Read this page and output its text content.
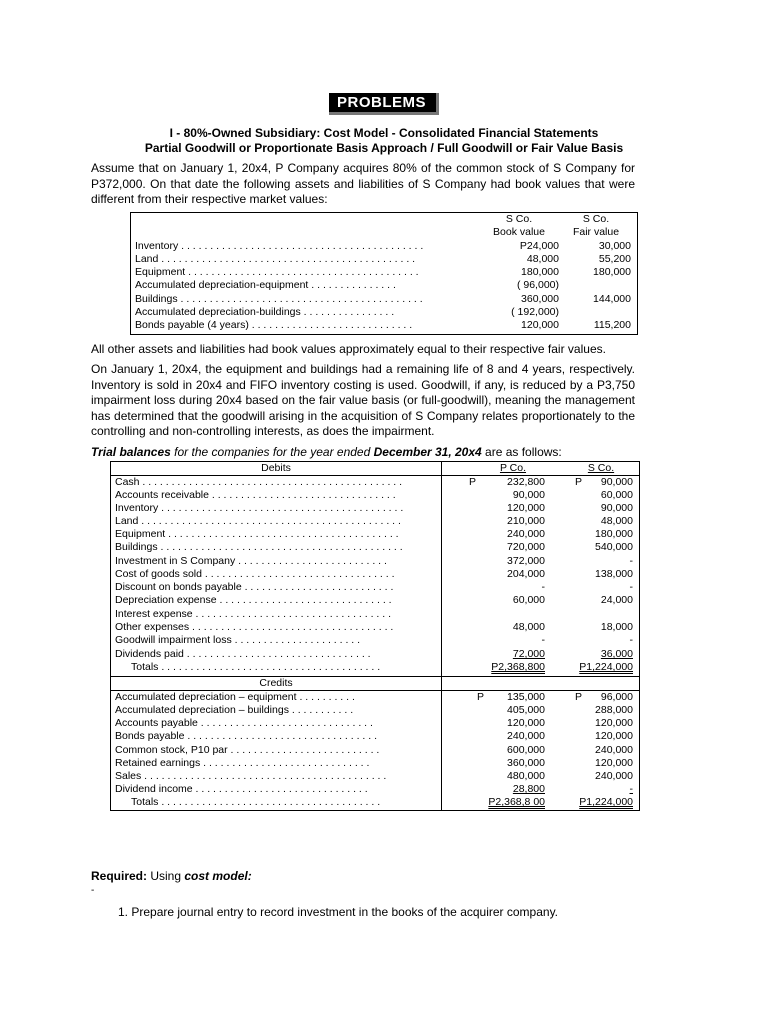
PROBLEMS
I - 80%-Owned Subsidiary: Cost Model - Consolidated Financial Statements
Partial Goodwill or Proportionate Basis Approach / Full Goodwill or Fair Value Basis

Assume that on January 1, 20x4, P Company acquires 80% of the common stock of S Company for
P372,000. On that date the following assets and liabilities of S Company had book values that were
different from their respective market values:

S Co.	S Co.
Book value	Fair value
Inventory . . . . . . . . . . . . . . . . . . . . . . . . . . . . . . . . . . . . . . . . . .	P24,000	30,000
Land . . . . . . . . . . . . . . . . . . . . . . . . . . . . . . . . . . . . . . . . . . . .	48,000	55,200
Equipment . . . . . . . . . . . . . . . . . . . . . . . . . . . . . . . . . . . . . . . .	180,000	180,000
Accumulated depreciation-equipment . . . . . . . . . . . . . . .	( 96,000)
Buildings . . . . . . . . . . . . . . . . . . . . . . . . . . . . . . . . . . . . . . . . . .	360,000	144,000
Accumulated depreciation-buildings . . . . . . . . . . . . . . . .	( 192,000)
Bonds payable (4 years) . . . . . . . . . . . . . . . . . . . . . . . . . . . .	120,000	115,200

All other assets and liabilities had book values approximately equal to their respective fair values.

On January 1, 20x4, the equipment and buildings had a remaining life of 8 and 4 years, respectively.
Inventory is sold in 20x4 and FIFO inventory costing is used. Goodwill, if any, is reduced by a P3,750
impairment loss during 20x4 based on the fair value basis (or full-goodwill), meaning the management
has determined that the goodwill arising in the acquisition of S Company relates proportionately to the
controlling and non-controlling interests, as does the impairment.

Trial balances for the companies for the year ended December 31, 20x4 are as follows:
Debits	P Co.	S Co.
Cash . . . . . . . . . . . . . . . . . . . . . . . . . . . . . . . . . . . . . . . . . . . . .	P	232,800	P	90,000
Accounts receivable . . . . . . . . . . . . . . . . . . . . . . . . . . . . . . . .	90,000	60,000
Inventory . . . . . . . . . . . . . . . . . . . . . . . . . . . . . . . . . . . . . . . . . .	120,000	90,000
Land . . . . . . . . . . . . . . . . . . . . . . . . . . . . . . . . . . . . . . . . . . . . .	210,000	48,000
Equipment . . . . . . . . . . . . . . . . . . . . . . . . . . . . . . . . . . . . . . . .	240,000	180,000
Buildings . . . . . . . . . . . . . . . . . . . . . . . . . . . . . . . . . . . . . . . . . .	720,000	540,000
Investment in S Company . . . . . . . . . . . . . . . . . . . . . . . . . .	372,000	-
Cost of goods sold . . . . . . . . . . . . . . . . . . . . . . . . . . . . . . . . .	204,000	138,000
Discount on bonds payable . . . . . . . . . . . . . . . . . . . . . . . . . .	-	-
Depreciation expense . . . . . . . . . . . . . . . . . . . . . . . . . . . . . .	60,000	24,000
Interest expense . . . . . . . . . . . . . . . . . . . . . . . . . . . . . . . . . .
Other expenses . . . . . . . . . . . . . . . . . . . . . . . . . . . . . . . . . . .	48,000	18,000
Goodwill impairment loss . . . . . . . . . . . . . . . . . . . . . .	-	-
Dividends paid . . . . . . . . . . . . . . . . . . . . . . . . . . . . . . . .	72,000	36,000
Totals . . . . . . . . . . . . . . . . . . . . . . . . . . . . . . . . . . . . . .	P2,368,800	P1,224,000
Credits
Accumulated depreciation – equipment . . . . . . . . . .	P	135,000	P	96,000
Accumulated depreciation – buildings . . . . . . . . . . .	405,000	288,000
Accounts payable . . . . . . . . . . . . . . . . . . . . . . . . . . . . . .	120,000	120,000
Bonds payable . . . . . . . . . . . . . . . . . . . . . . . . . . . . . . . . .	240,000	120,000
Common stock, P10 par . . . . . . . . . . . . . . . . . . . . . . . . . .	600,000	240,000
Retained earnings . . . . . . . . . . . . . . . . . . . . . . . . . . . . .	360,000	120,000
Sales . . . . . . . . . . . . . . . . . . . . . . . . . . . . . . . . . . . . . . . . . .	480,000	240,000
Dividend income . . . . . . . . . . . . . . . . . . . . . . . . . . . . . .	28,800	-
Totals . . . . . . . . . . . . . . . . . . . . . . . . . . . . . . . . . . . . . .	P2,368,8 00	P1,224,000
Required: Using cost model:
-
1. Prepare journal entry to record investment in the books of the acquirer company.
